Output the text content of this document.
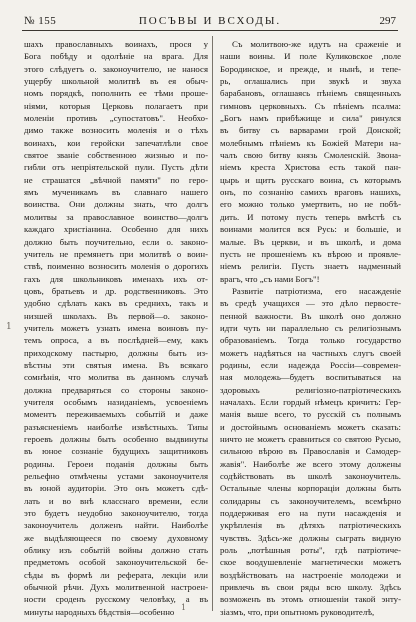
№ 155	ПОСЪВЫ И ВСХОДЫ.	297
шахъ православныхъ воинахъ, прося у
Бога побѣду и одолѣніе на врага. Для
этого слѣдуетъ о. законоучителю, не нанося
ущербу школьной молитвѣ въ ея обыч-
номъ порядкѣ, пополнить ее тѣми проше-
ніями, которыя Церковь полагаетъ при
моленіи противъ „супостатовъ". Необхо-
димо также возносить моленія и о тѣхъ
воинахъ, кои геройски запечатлѣли свое
святое званіе собственною жизнью и по-
гибли отъ непріятельской пули. Пусть дѣти
не страшатся „вѣчной памяти" по геро-
ямъ мученикамъ въ славнаго нашего
воинства. Они должны знать, что долгъ
молитвы за православное воинство—долгъ
каждаго христіанина. Особенно для нихъ
должно быть поучительно, если о. законо-
учитель не премянетъ при молитвѣ о воин-
ствѣ, поименно возносить моленія о дорогихъ
гахъ для школьниковъ именахъ ихъ от-
цовъ, братьевъ и др. родственниковъ. Это
удобно сдѣлать какъ въ среднихъ, такъ и
низшей школахъ. Въ первой—о. законо-
учитель можетъ узнать имена воиновъ пу-
темъ опроса, а въ послѣдней—ему, какъ
приходскому пастырю, должны быть из-
вѣстны эти святыя имена. Въ всякаго
сомнѣнія, что молитва въ данномъ случаѣ
должна предваряться со стороны законо-
учителя особымъ назиданіемъ, усвоеніемъ
моментъ переживаемыхъ событій и даже
разъясненіемъ наиболѣе извѣстныхъ. Типы
героевъ должны быть особенно выдвинуты
въ юное сознаніе будущихъ защитниковъ
родины. Героеи поданія должны быть
рельефно отмѣчены устами законоучителя
въ юной аудиторіи. Это онъ можетъ сдѣ-
лать и во внѣ класснаго времени, если
это будетъ неудобно законоучителю, тогда
законоучитель долженъ найти. Наиболѣе
же выдѣляющееся по своему духовному
облику изъ событій войны должно стать
предметомъ особой законоучительской бе-
сѣды въ формѣ ли реферата, лекціи или
обычной рѣчи. Духъ молитвенной настроен-
ности сроденъ русскому человѣку, а въ
минуты народныхъ бѣдствія—особенно
Съ молитвою-же идутъ на сраженіе и
наши воины. И поле Куликовское ,поле
Бородинское, и прежде, и нынѣ, и тепе-
рь, оглашались при звукѣ и звуха
барабановъ, оглашаясь пѣніемъ священныхъ
гимновъ церковныхъ. Съ пѣніемъ псалма:
„Богъ намъ прибѣжище и сила" ринулся
въ битву съ варварами грой Донской;
молебнымъ пѣніемъ къ Божіей Матери на-
чалъ свою битву князь Смоленскій. Звона-
ніемъ креста Христова есть такой пан-
цырь и щитъ русскаго воина, съ которымъ
онъ, по сознанію самихъ враговъ нашихъ,
его можно только умертвить, но не побѣ-
дить. И потому пусть теперь вмѣстѣ съ
воинами молится вся Русь: и большіе, и
малые. Въ церкви, и въ школѣ, и дома
пусть не прошеніемъ къ вѣрою и проявле-
ніемъ религіи. Пусть знаетъ надменный
врагъ, что „съ нами Богъ"!
Развитіе патріотизма, его насажденіе
въ средѣ учащихся — это дѣло первосте-
пенной важности. Въ школѣ оно должно
идти чуть ни параллельно съ религіознымъ
образованіемъ. Тогда только государство
можетъ надѣяться на частныхъ слугъ своей
родины, если надежда Россіи—современ-
ная молодежь—будетъ воспитываться на
здоровыхъ религіозно-патріотическихъ
началахъ. Если гордый нѣмецъ кричитъ: Гер-
манія выше всего, то русскій съ полнымъ
и достойнымъ основаніемъ можетъ сказать:
ничто не можетъ сравниться со святою Русью,
сильною вѣрою въ Православія и Самодер-
жавія". Наиболѣе же всего этому должены
содѣйствовать въ школѣ законоучитель.
Остальные члены корпораціи должны быть
солидарны съ законоучителемъ, всемѣрно
поддерживая его на пути насажденія и
укрѣпленія въ дѣтяхъ патріотическихъ
чувствъ. Здѣсь-же должны сыграть видную
роль „потѣшныя роты", гдѣ патріотиче-
ское воодушевленіе магнетически можетъ
воздѣйствовать на настроеніе молодежи и
привлечь въ свои ряды всю школу. Здѣсь
возможенъ въ этомъ отношеніи такой энту-
зіазмъ, что, при опытномъ руководителѣ,
1
1
